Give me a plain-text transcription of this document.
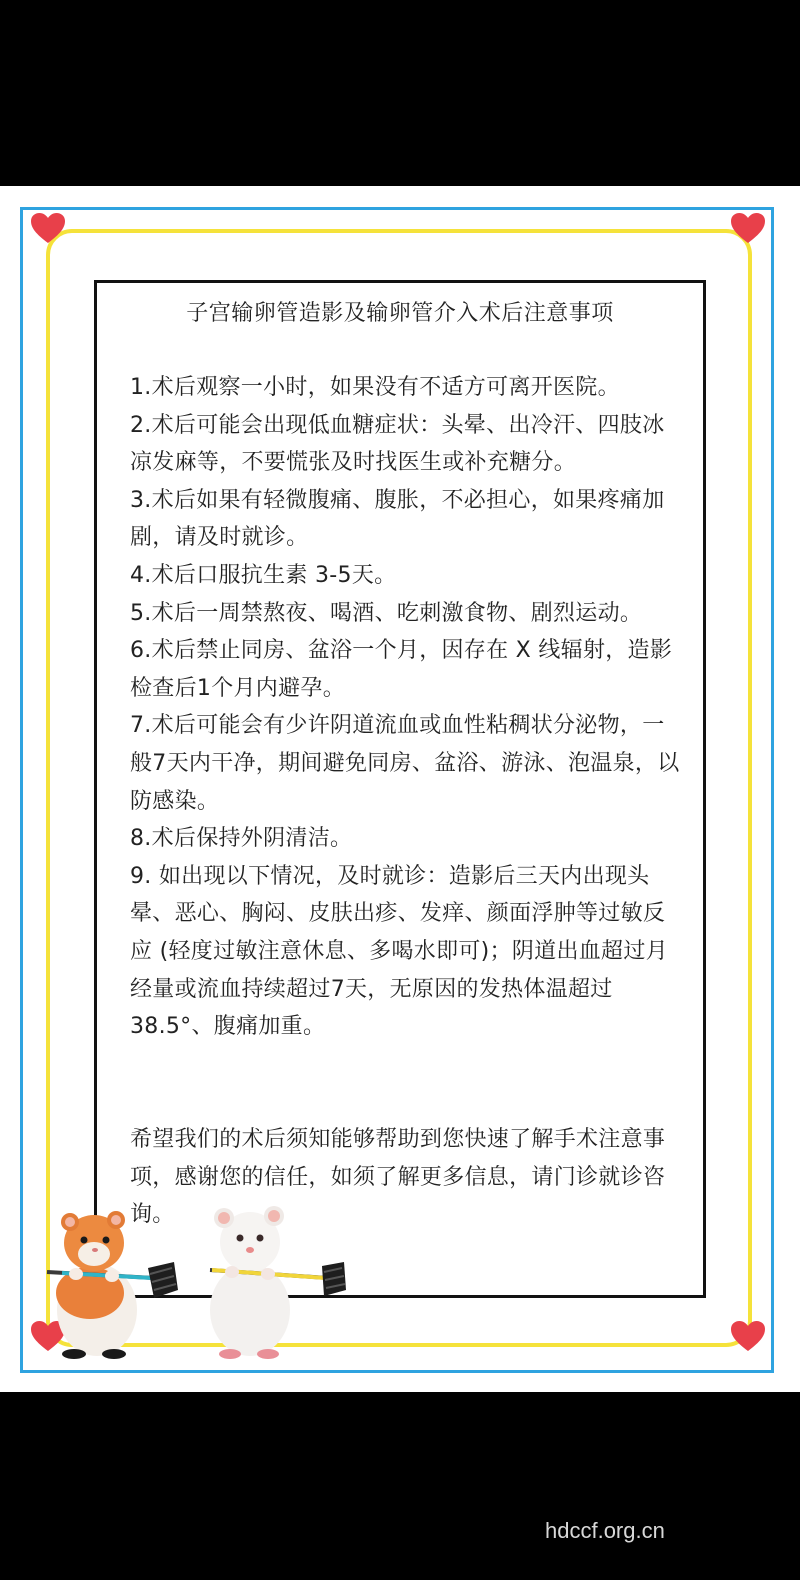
子宫输卵管造影及输卵管介入术后注意事项

1.术后观察一小时，如果没有不适方可离开医院。

2.术后可能会出现低血糖症状：头晕、出冷汗、四肢冰凉发麻等，不要慌张及时找医生或补充糖分。

3.术后如果有轻微腹痛、腹胀，不必担心，如果疼痛加剧，请及时就诊。

4.术后口服抗生素 3-5天。

5.术后一周禁熬夜、喝酒、吃刺激食物、剧烈运动。

6.术后禁止同房、盆浴一个月，因存在 X 线辐射，造影检查后1个月内避孕。

7.术后可能会有少许阴道流血或血性粘稠状分泌物，一般7天内干净，期间避免同房、盆浴、游泳、泡温泉，以防感染。

8.术后保持外阴清洁。

9. 如出现以下情况，及时就诊：造影后三天内出现头晕、恶心、胸闷、皮肤出疹、发痒、颜面浮肿等过敏反应 (轻度过敏注意休息、多喝水即可)；阴道出血超过月经量或流血持续超过7天，无原因的发热体温超过 38.5°、腹痛加重。

希望我们的术后须知能够帮助到您快速了解手术注意事项，感谢您的信任，如须了解更多信息，请门诊就诊咨询。
hdccf.org.cn
